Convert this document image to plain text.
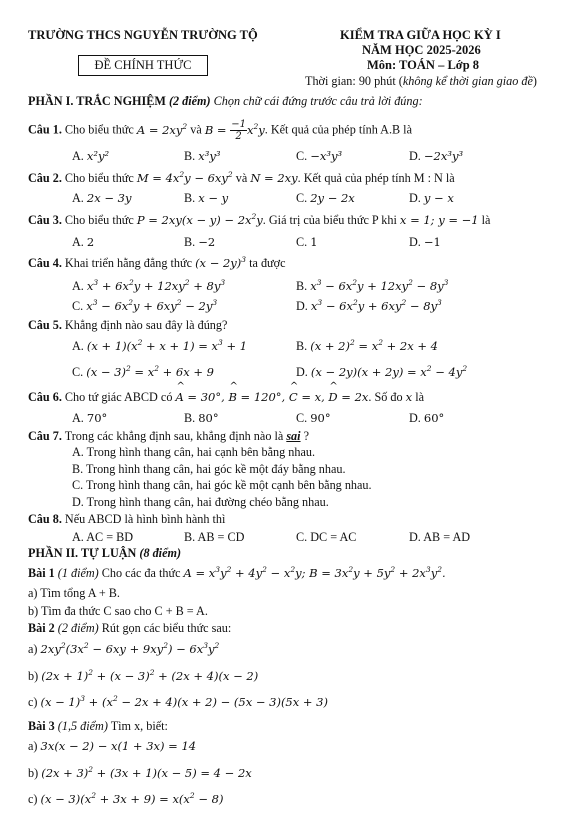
TRƯỜNG THCS NGUYỄN TRƯỜNG TỘ
ĐỀ CHÍNH THỨC
KIỂM TRA GIỮA HỌC KỲ I
NĂM HỌC 2025-2026
Môn: TOÁN – Lớp 8
Thời gian: 90 phút (không kể thời gian giao đề)
PHẦN I. TRẮC NGHIỆM (2 điểm) Chọn chữ cái đứng trước câu trả lời đúng:
Câu 1. Cho biểu thức $A = 2xy^2$ và $B = \frac{-1}{2} x^2y$. Kết quả của phép tính A.B là
A. x²y²	B. x³y³	C. −x³y³	D. −2x³y³
Câu 2. Cho biểu thức $M = 4x^2y - 6xy^2$ và N = 2xy. Kết quả của phép tính M : N là
A. 2x − 3y	B. x − y	C. 2y − 2x	D. y − x
Câu 3. Cho biểu thức $P = 2xy(x - y) - 2x^2y$. Giá trị của biểu thức P khi x = 1; y = −1 là
A. 2	B. −2	C. 1	D. −1
Câu 4. Khai triển hằng đẳng thức $(x - 2y)^3$ ta được
A. $x^3 + 6x^2y + 12xy^2 + 8y^3$	B. $x^3 - 6x^2y + 12xy^2 - 8y^3$
C. $x^3 - 6x^2y + 6xy^2 - 2y^3$	D. $x^3 - 6x^2y + 6xy^2 - 8y^3$
Câu 5. Khẳng định nào sau đây là đúng?
A. $(x + 1)(x^2 + x + 1) = x^3 + 1$	B. $(x + 2)^2 = x^2 + 2x + 4$
C. $(x - 3)^2 = x^2 + 6x + 9$	D. $(x - 2y)(x + 2y) = x^2 - 4y^2$
Câu 6. Cho tứ giác ABCD có ^ A = 30°, ^ B = 120°, ^ C = x, ^ D = 2x. Số đo x là
A. 70°	B. 80°	C. 90°	D. 60°
Câu 7. Trong các khẳng định sau, khẳng định nào là sai ?
A. Trong hình thang cân, hai cạnh bên bằng nhau.
B. Trong hình thang cân, hai góc kề một đáy bằng nhau.
C. Trong hình thang cân, hai góc kề một cạnh bên bằng nhau.
D. Trong hình thang cân, hai đường chéo bằng nhau.
Câu 8. Nếu ABCD là hình bình hành thì
A. AC = BD	B. AB = CD	C. DC = AC	D. AB = AD
PHẦN II. TỰ LUẬN (8 điểm)
Bài 1 (1 điểm) Cho các đa thức $A = x^3y^2 + 4y^2 - x^2y$; $B = 3x^2y + 5y^2 + 2x^3y^2$.
a) Tìm tổng A + B.
b) Tìm đa thức C sao cho C + B = A.
Bài 2 (2 điểm) Rút gọn các biểu thức sau:
a) $2xy^2(3x^2 - 6xy + 9xy^2) - 6x^3y^2$
b) $(2x + 1)^2 + (x - 3)^2 + (2x + 4)(x - 2)$
c) $(x - 1)^3 + (x^2 - 2x + 4)(x + 2) - (5x - 3)(5x + 3)$
Bài 3 (1,5 điểm) Tìm x, biết:
a) 3x(x − 2) − x(1 + 3x) = 14
b) $(2x + 3)^2 + (3x + 1)(x - 5) = 4 - 2x$
c) $(x - 3)(x^2 + 3x + 9) = x(x^2 - 8)$
